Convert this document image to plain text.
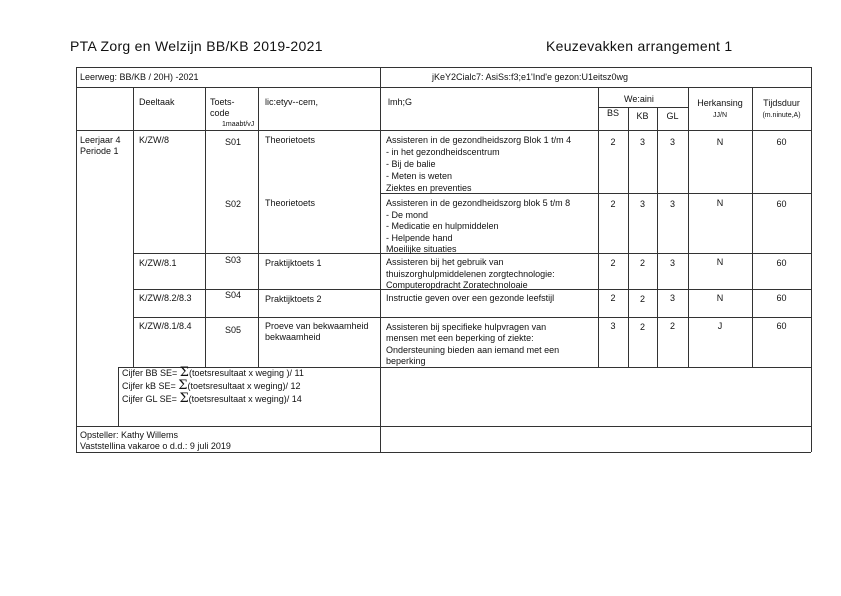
PTA Zorg en Welzijn BB/KB 2019-2021	Keuzevakken arrangement 1
Leerweg: BB/KB / 20H) -2021	jKeY2Cialc7: AsiSs:f3;e1'Ind'e gezon:U1eitsz0wg
Deeltaak	Toets-
code
1maabt/vJ
lic:etyv--cem,	lmh;G	We:aini
BS	KB	GL
Herkansing
JJ/N
Tijdsduur
(m.ninute,A)
Leerjaar 4
Periode 1
K/ZW/8	S01	Theorietoets	Assisteren in de gezondheidszorg Blok 1 t/m 4
- in het gezondheidscentrum
- Bij de balie
- Meten is weten
Ziektes en preventies
2	3	3	N	60
S02	Theorietoets	Assisteren in de gezondheidszorg blok 5 t/m 8
- De mond
- Medicatie en hulpmiddelen
- Helpende hand
Moeilijke situaties
2	3	3	N	60
K/ZW/8.1	S03	Praktijktoets 1	Assisteren bij het gebruik van
thuiszorghulpmiddelenen zorgtechnologie:
Computeropdracht Zoratechnoloaie
2	2	3	N	60
K/ZW/8.2/8.3	S04	Praktijktoets 2	Instructie geven over een gezonde leefstijl	2	2	3	N	60
K/ZW/8.1/8.4	S05	Proeve van bekwaamheid
bekwaamheid
Assisteren bij specifieke hulpvragen van
mensen met een beperking of ziekte:
Ondersteuning bieden aan iemand met een
beperking
3	2	2	J	60
Cijfer BB SE= Σ(toetsresultaat x weging )/ 11
Cijfer kB SE= Σ(toetsresultaat x weging)/ 12
Cijfer GL SE= Σ(toetsresultaat x weging)/ 14
Opsteller: Kathy Willems
Vaststellina vakaroe o d.d.: 9 juli 2019
